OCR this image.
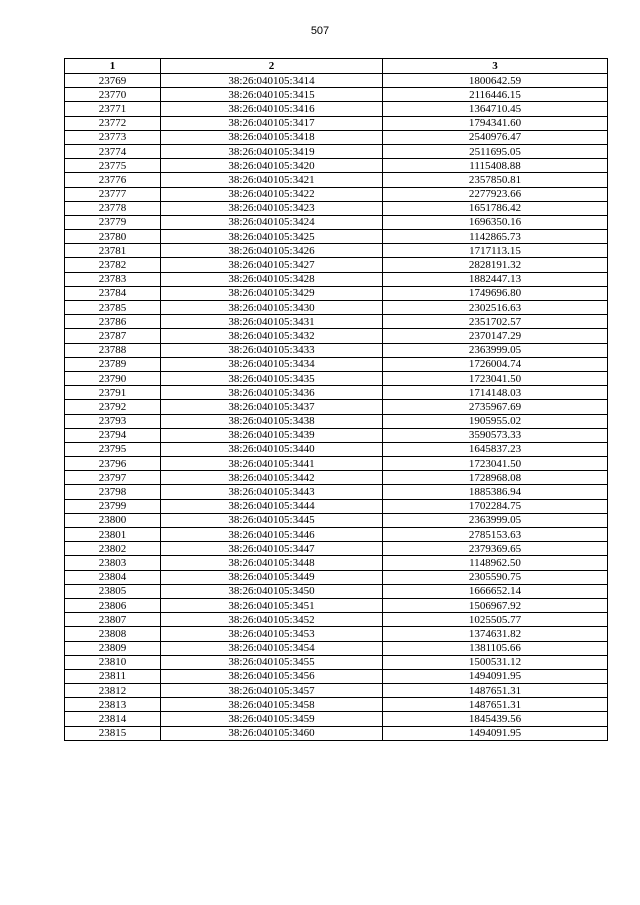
507
1	2	3
23769	38:26:040105:3414	1800642.59
23770	38:26:040105:3415	2116446.15
23771	38:26:040105:3416	1364710.45
23772	38:26:040105:3417	1794341.60
23773	38:26:040105:3418	2540976.47
23774	38:26:040105:3419	2511695.05
23775	38:26:040105:3420	1115408.88
23776	38:26:040105:3421	2357850.81
23777	38:26:040105:3422	2277923.66
23778	38:26:040105:3423	1651786.42
23779	38:26:040105:3424	1696350.16
23780	38:26:040105:3425	1142865.73
23781	38:26:040105:3426	1717113.15
23782	38:26:040105:3427	2828191.32
23783	38:26:040105:3428	1882447.13
23784	38:26:040105:3429	1749696.80
23785	38:26:040105:3430	2302516.63
23786	38:26:040105:3431	2351702.57
23787	38:26:040105:3432	2370147.29
23788	38:26:040105:3433	2363999.05
23789	38:26:040105:3434	1726004.74
23790	38:26:040105:3435	1723041.50
23791	38:26:040105:3436	1714148.03
23792	38:26:040105:3437	2735967.69
23793	38:26:040105:3438	1905955.02
23794	38:26:040105:3439	3590573.33
23795	38:26:040105:3440	1645837.23
23796	38:26:040105:3441	1723041.50
23797	38:26:040105:3442	1728968.08
23798	38:26:040105:3443	1885386.94
23799	38:26:040105:3444	1702284.75
23800	38:26:040105:3445	2363999.05
23801	38:26:040105:3446	2785153.63
23802	38:26:040105:3447	2379369.65
23803	38:26:040105:3448	1148962.50
23804	38:26:040105:3449	2305590.75
23805	38:26:040105:3450	1666652.14
23806	38:26:040105:3451	1506967.92
23807	38:26:040105:3452	1025505.77
23808	38:26:040105:3453	1374631.82
23809	38:26:040105:3454	1381105.66
23810	38:26:040105:3455	1500531.12
23811	38:26:040105:3456	1494091.95
23812	38:26:040105:3457	1487651.31
23813	38:26:040105:3458	1487651.31
23814	38:26:040105:3459	1845439.56
23815	38:26:040105:3460	1494091.95
